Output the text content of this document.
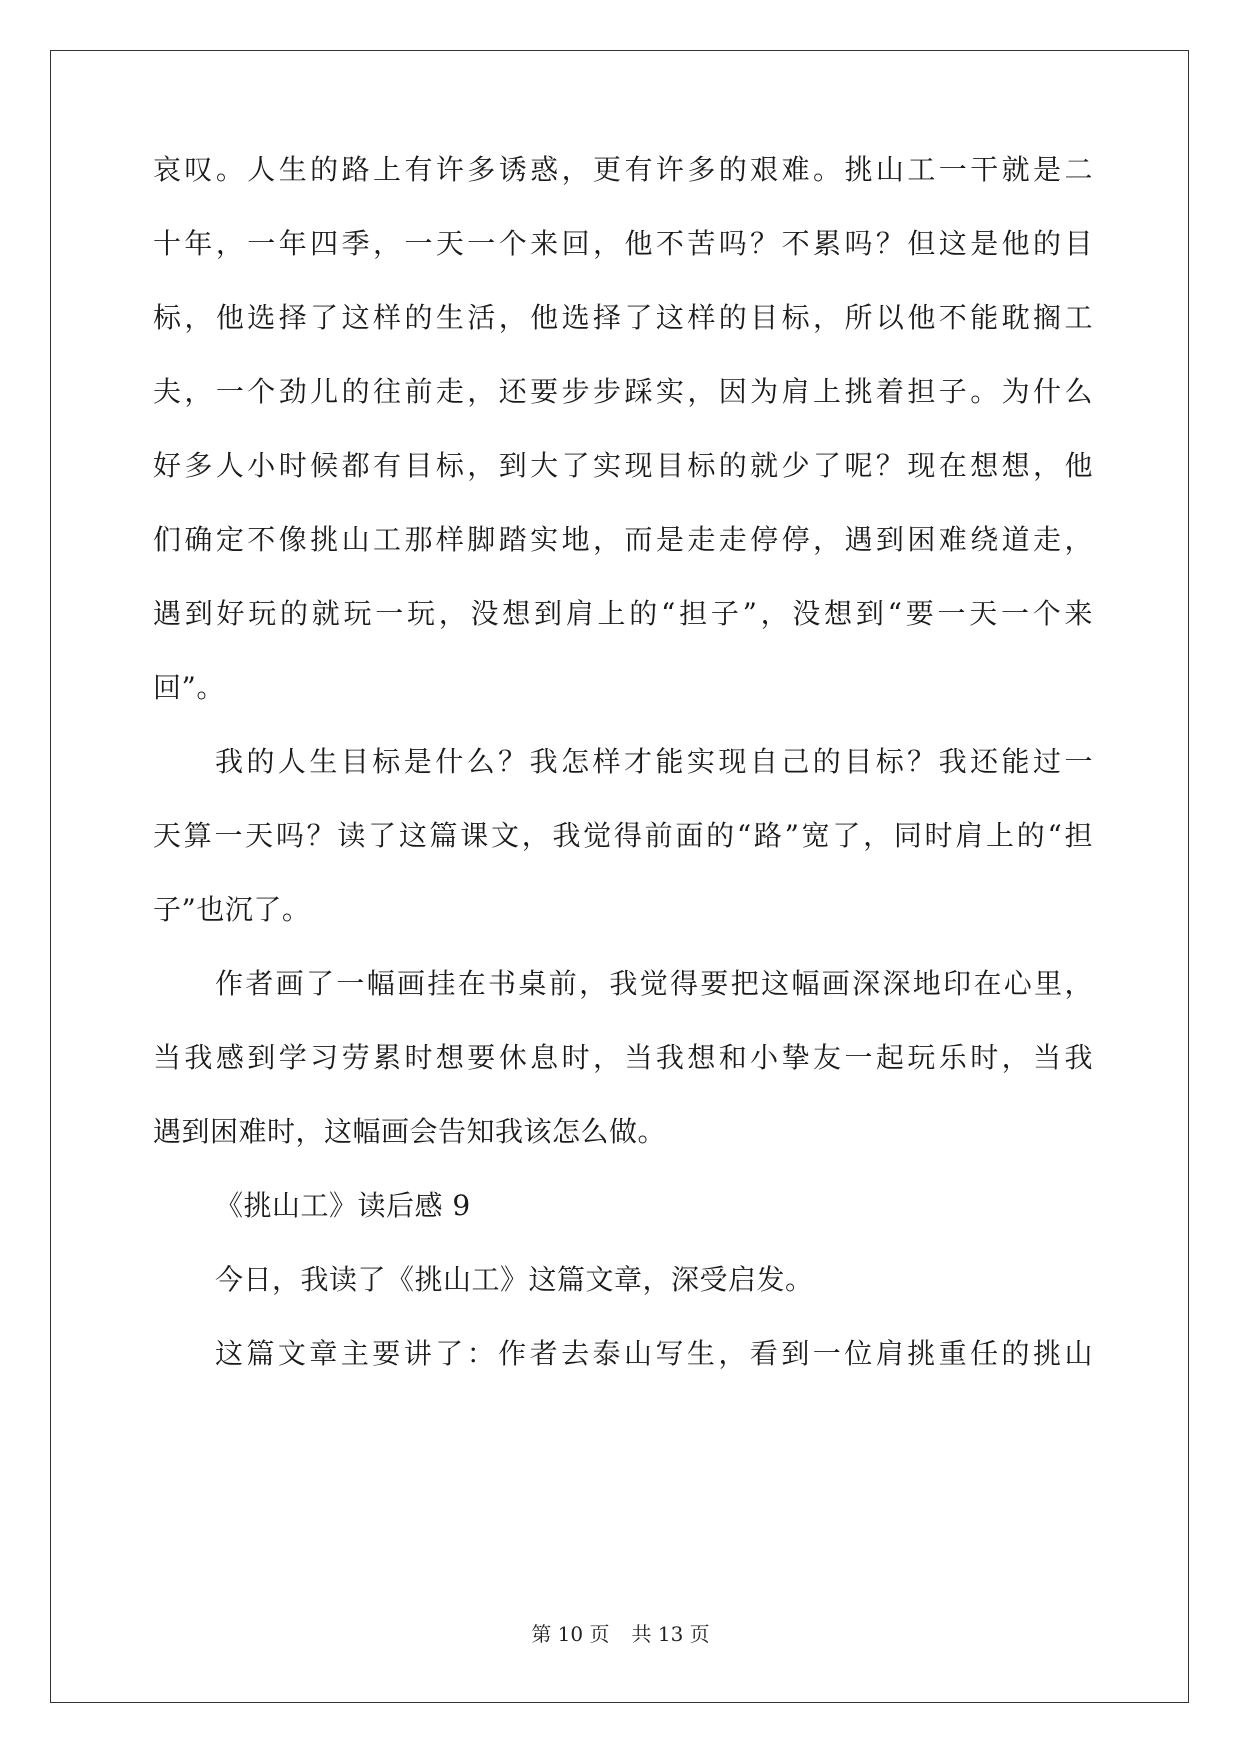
哀叹。人生的路上有许多诱惑，更有许多的艰难。挑山工一干就是二
十年，一年四季，一天一个来回，他不苦吗？不累吗？但这是他的目
标，他选择了这样的生活，他选择了这样的目标，所以他不能耽搁工
夫，一个劲儿的往前走，还要步步踩实，因为肩上挑着担子。为什么
好多人小时候都有目标，到大了实现目标的就少了呢？现在想想，他
们确定不像挑山工那样脚踏实地，而是走走停停，遇到困难绕道走，
遇到好玩的就玩一玩，没想到肩上的“担子”，没想到“要一天一个来
回”。
我的人生目标是什么？我怎样才能实现自己的目标？我还能过一
天算一天吗？读了这篇课文，我觉得前面的“路”宽了，同时肩上的“担
子”也沉了。
作者画了一幅画挂在书桌前，我觉得要把这幅画深深地印在心里，
当我感到学习劳累时想要休息时，当我想和小挚友一起玩乐时，当我
遇到困难时，这幅画会告知我该怎么做。
《挑山工》读后感 9
今日，我读了《挑山工》这篇文章，深受启发。
这篇文章主要讲了：作者去泰山写生，看到一位肩挑重任的挑山
第 10 页 共 13 页
